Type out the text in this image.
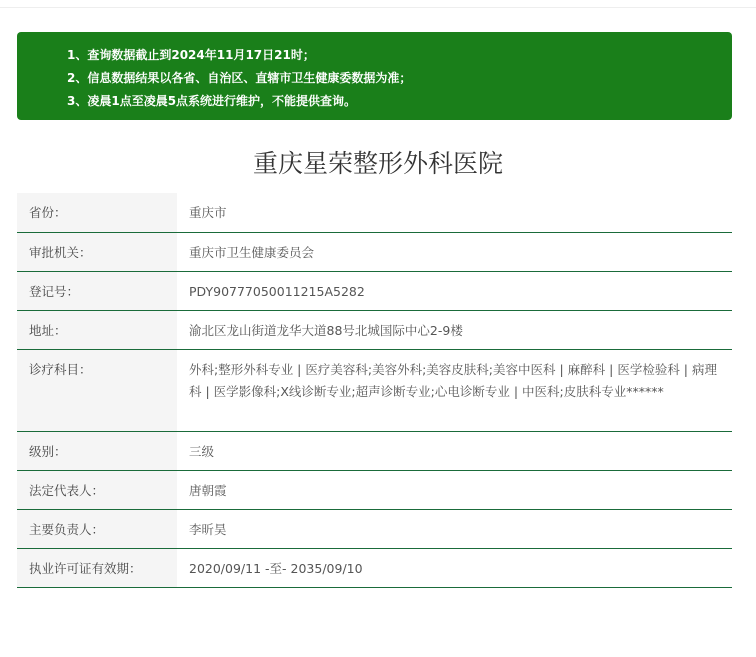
1、查询数据截止到2024年11月17日21时；
2、信息数据结果以各省、自治区、直辖市卫生健康委数据为准；
3、凌晨1点至凌晨5点系统进行维护，不能提供查询。
重庆星荣整形外科医院
省份：	重庆市
审批机关：	重庆市卫生健康委员会
登记号：	PDY90777050011215A5282
地址：	渝北区龙山街道龙华大道88号北城国际中心2-9楼
诊疗科目：	外科;整形外科专业 | 医疗美容科;美容外科;美容皮肤科;美容中医科 | 麻醉科 | 医学检验科 | 病理科 | 医学影像科;X线诊断专业;超声诊断专业;心电诊断专业 | 中医科;皮肤科专业******
级别：	三级
法定代表人：	唐朝霞
主要负责人：	李昕昊
执业许可证有效期：	2020/09/11 -至- 2035/09/10
